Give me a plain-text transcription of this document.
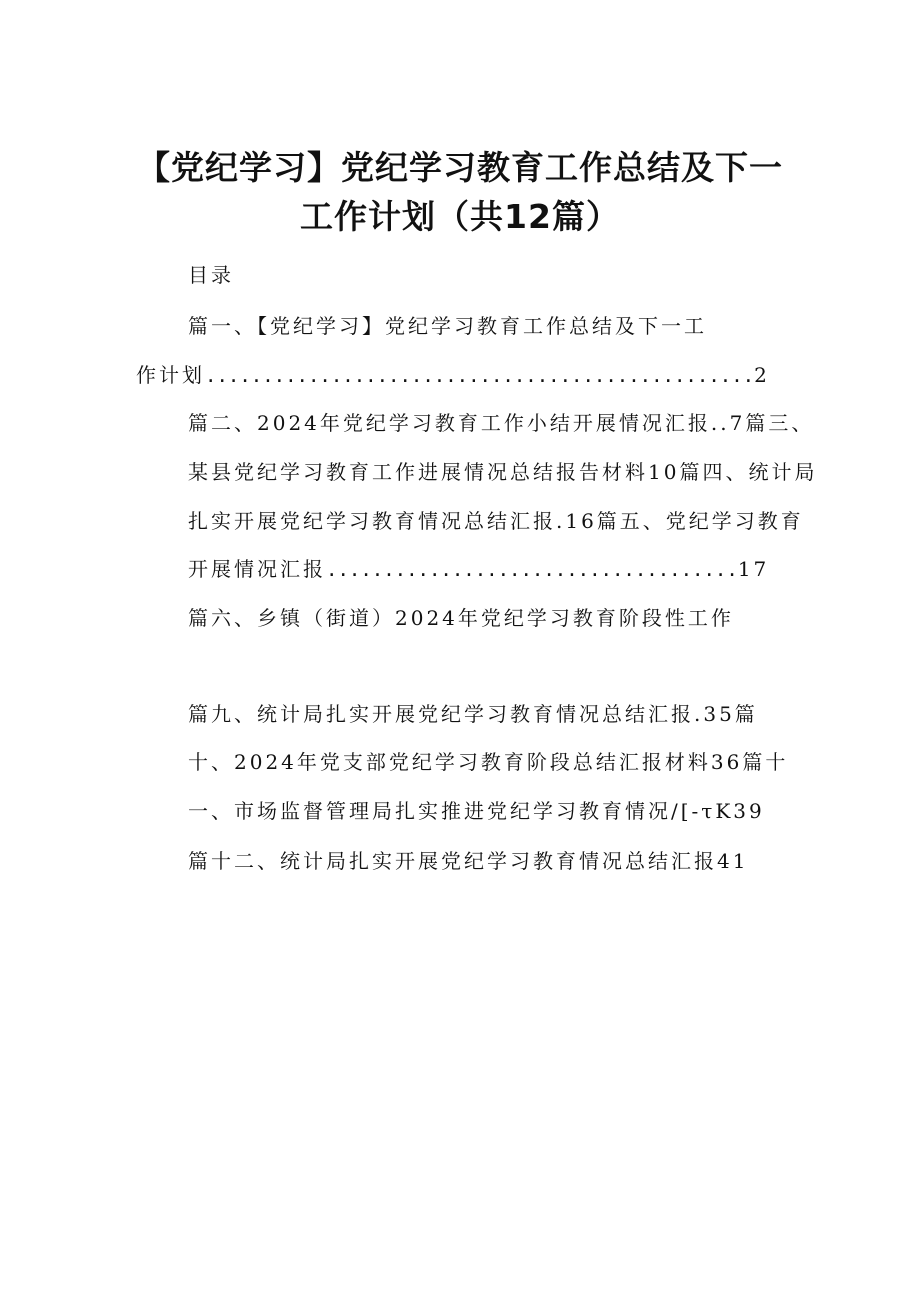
【党纪学习】党纪学习教育工作总结及下一
工作计划（共12篇）
目录
篇一、【党纪学习】党纪学习教育工作总结及下一工
作计划................................................2
篇二、2024年党纪学习教育工作小结开展情况汇报..7篇三、
某县党纪学习教育工作进展情况总结报告材料10篇四、统计局
扎实开展党纪学习教育情况总结汇报.16篇五、党纪学习教育
开展情况汇报....................................17
篇六、乡镇（街道）2024年党纪学习教育阶段性工作
篇九、统计局扎实开展党纪学习教育情况总结汇报.35篇
十、2024年党支部党纪学习教育阶段总结汇报材料36篇十
一、市场监督管理局扎实推进党纪学习教育情况/[-τK39
篇十二、统计局扎实开展党纪学习教育情况总结汇报41
